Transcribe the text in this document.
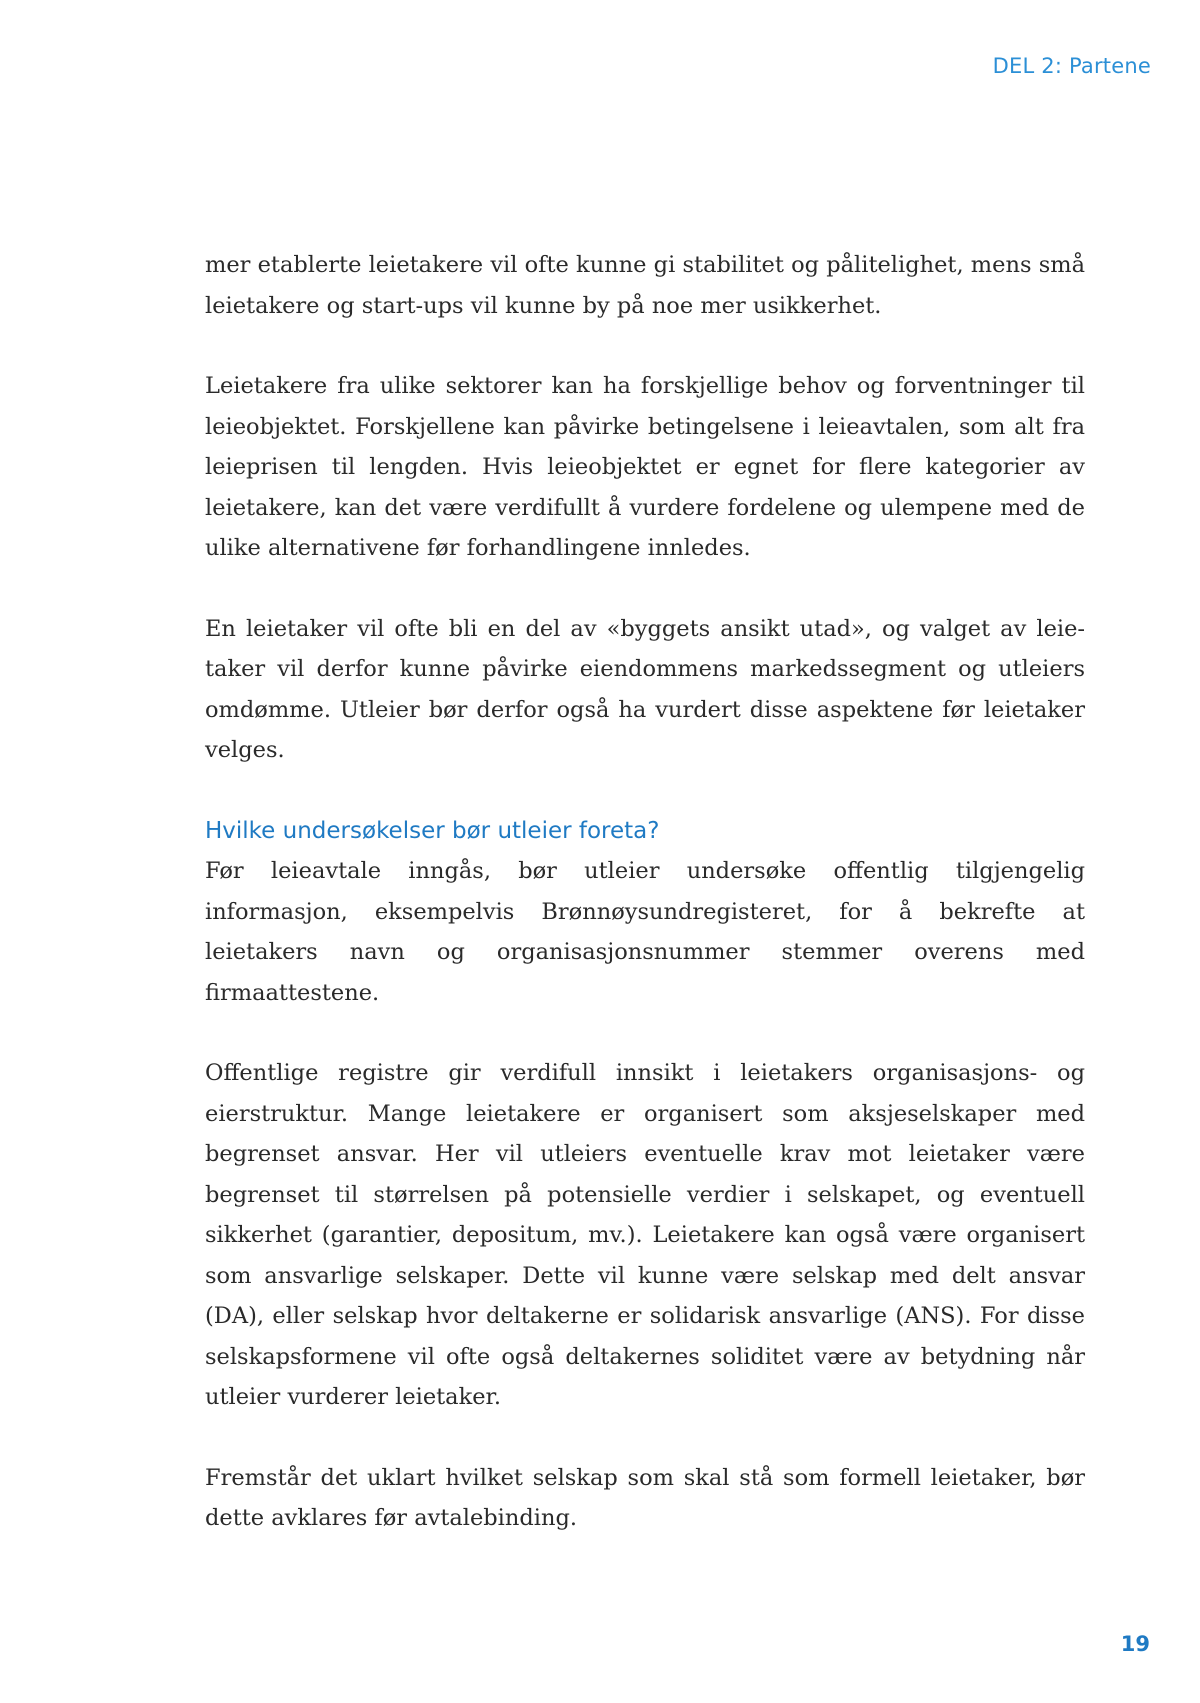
DEL 2: Partene

mer etablerte leietakere vil ofte kunne gi stabilitet og pålitelighet, mens små leietakere og start-ups vil kunne by på noe mer usikkerhet.

Leietakere fra ulike sektorer kan ha forskjellige behov og forventninger til leieobjektet. Forskjellene kan påvirke betingelsene i leieavtalen, som alt fra leieprisen til lengden. Hvis leieobjektet er egnet for flere kategorier av leietakere, kan det være verdifullt å vurdere fordelene og ulempene med de ulike alternativene før forhandlingene innledes.

En leietaker vil ofte bli en del av «byggets ansikt utad», og valget av leie-taker vil derfor kunne påvirke eiendommens markedssegment og utleiers omdømme. Utleier bør derfor også ha vurdert disse aspektene før leietaker velges.

Hvilke undersøkelser bør utleier foreta?

Før leieavtale inngås, bør utleier undersøke offentlig tilgjengelig informasjon, eksempelvis Brønnøysundregisteret, for å bekrefte at leietakers navn og organisasjonsnummer stemmer overens med firmaattestene.

Offentlige registre gir verdifull innsikt i leietakers organisasjons- og eierstruktur. Mange leietakere er organisert som aksjeselskaper med begrenset ansvar. Her vil utleiers eventuelle krav mot leietaker være begrenset til størrelsen på potensielle verdier i selskapet, og eventuell sikkerhet (garantier, depositum, mv.). Leietakere kan også være organisert som ansvarlige selskaper. Dette vil kunne være selskap med delt ansvar (DA), eller selskap hvor deltakerne er solidarisk ansvarlige (ANS). For disse selskapsformene vil ofte også deltakernes soliditet være av betydning når utleier vurderer leietaker.

Fremstår det uklart hvilket selskap som skal stå som formell leietaker, bør dette avklares før avtalebinding.

19
